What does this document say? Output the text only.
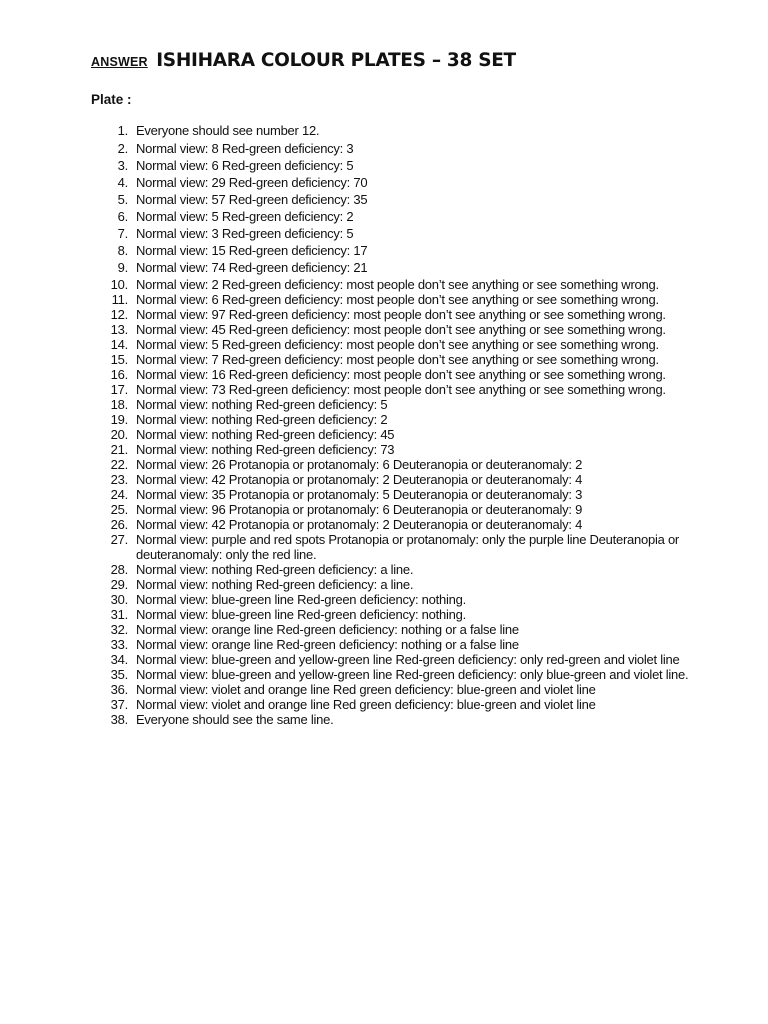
ANSWER ISHIHARA COLOUR PLATES – 38 SET
Plate :
1. Everyone should see number 12.
2. Normal view: 8 Red-green deficiency: 3
3. Normal view: 6 Red-green deficiency: 5
4. Normal view: 29 Red-green deficiency: 70
5. Normal view: 57 Red-green deficiency: 35
6. Normal view: 5 Red-green deficiency: 2
7. Normal view: 3 Red-green deficiency: 5
8. Normal view: 15 Red-green deficiency: 17
9. Normal view: 74 Red-green deficiency: 21
10. Normal view: 2 Red-green deficiency: most people don’t see anything or see something wrong.
11. Normal view: 6 Red-green deficiency: most people don’t see anything or see something wrong.
12. Normal view: 97 Red-green deficiency: most people don’t see anything or see something wrong.
13. Normal view: 45 Red-green deficiency: most people don’t see anything or see something wrong.
14. Normal view: 5 Red-green deficiency: most people don’t see anything or see something wrong.
15. Normal view: 7 Red-green deficiency: most people don’t see anything or see something wrong.
16. Normal view: 16 Red-green deficiency: most people don’t see anything or see something wrong.
17. Normal view: 73 Red-green deficiency: most people don’t see anything or see something wrong.
18. Normal view: nothing Red-green deficiency: 5
19. Normal view: nothing Red-green deficiency: 2
20. Normal view: nothing Red-green deficiency: 45
21. Normal view: nothing Red-green deficiency: 73
22. Normal view: 26 Protanopia or protanomaly: 6 Deuteranopia or deuteranomaly: 2
23. Normal view: 42 Protanopia or protanomaly: 2 Deuteranopia or deuteranomaly: 4
24. Normal view: 35 Protanopia or protanomaly: 5 Deuteranopia or deuteranomaly: 3
25. Normal view: 96 Protanopia or protanomaly: 6 Deuteranopia or deuteranomaly: 9
26. Normal view: 42 Protanopia or protanomaly: 2 Deuteranopia or deuteranomaly: 4
27. Normal view: purple and red spots Protanopia or protanomaly: only the purple line Deuteranopia or deuteranomaly: only the red line.
28. Normal view: nothing Red-green deficiency: a line.
29. Normal view: nothing Red-green deficiency: a line.
30. Normal view: blue-green line Red-green deficiency: nothing.
31. Normal view: blue-green line Red-green deficiency: nothing.
32. Normal view: orange line Red-green deficiency: nothing or a false line
33. Normal view: orange line Red-green deficiency: nothing or a false line
34. Normal view: blue-green and yellow-green line Red-green deficiency: only red-green and violet line
35. Normal view: blue-green and yellow-green line Red-green deficiency: only blue-green and violet line.
36. Normal view: violet and orange line Red green deficiency: blue-green and violet line
37. Normal view: violet and orange line Red green deficiency: blue-green and violet line
38. Everyone should see the same line.
